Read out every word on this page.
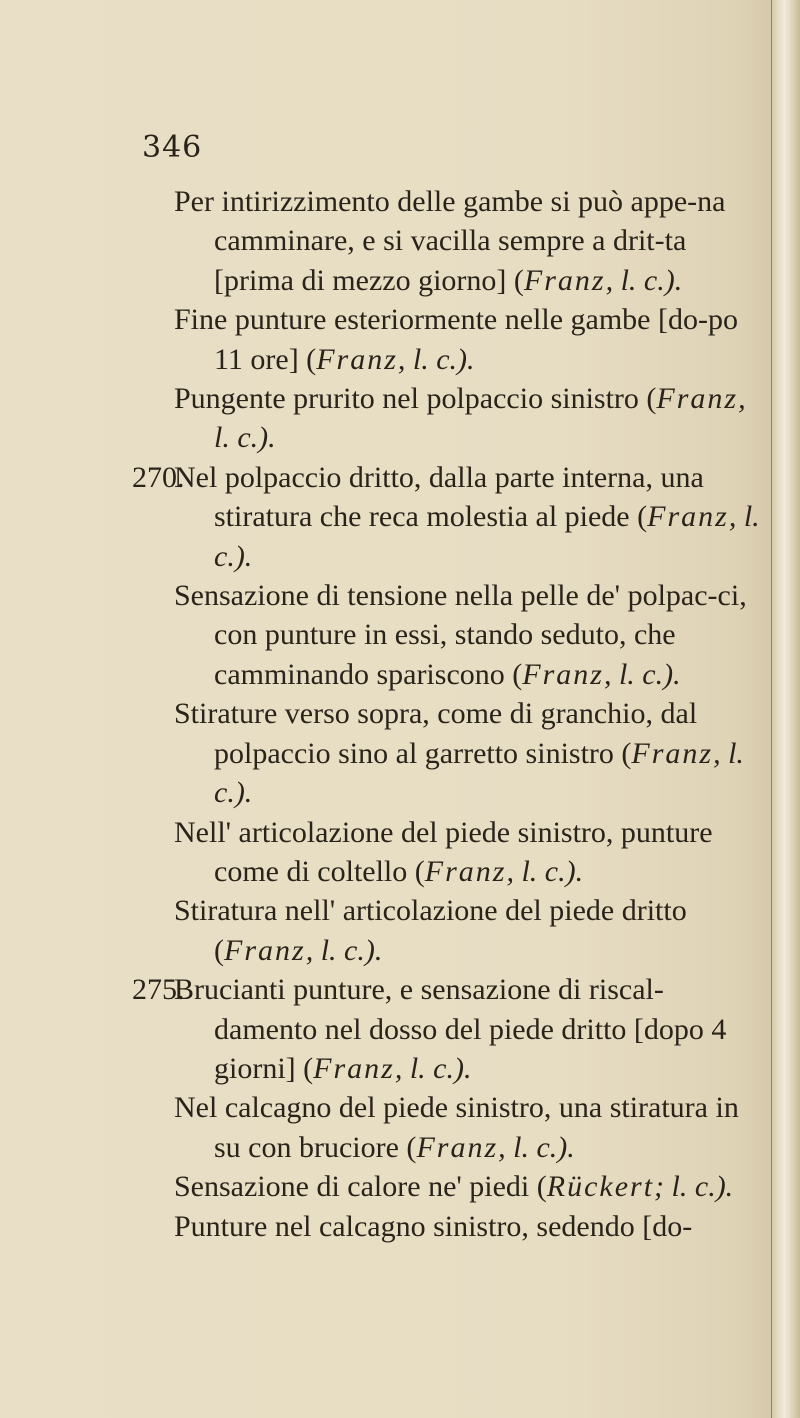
346

Per intirizzimento delle gambe si può appe-na camminare, e si vacilla sempre a drit-ta [prima di mezzo giorno] (Franz, l. c.).

Fine punture esteriormente nelle gambe [do-po 11 ore] (Franz, l. c.).

Pungente prurito nel polpaccio sinistro (Franz, l. c.).

270.
Nel polpaccio dritto, dalla parte interna, una stiratura che reca molestia al piede (Franz, l. c.).

Sensazione di tensione nella pelle de' polpac-ci, con punture in essi, stando seduto, che camminando spariscono (Franz, l. c.).

Stirature verso sopra, come di granchio, dal polpaccio sino al garretto sinistro (Franz, l. c.).

Nell' articolazione del piede sinistro, punture come di coltello (Franz, l. c.).

Stiratura nell' articolazione del piede dritto (Franz, l. c.).

275.
Brucianti punture, e sensazione di riscal-damento nel dosso del piede dritto [dopo 4 giorni] (Franz, l. c.).

Nel calcagno del piede sinistro, una stiratura in su con bruciore (Franz, l. c.).

Sensazione di calore ne' piedi (Rückert; l. c.).

Punture nel calcagno sinistro, sedendo [do-
